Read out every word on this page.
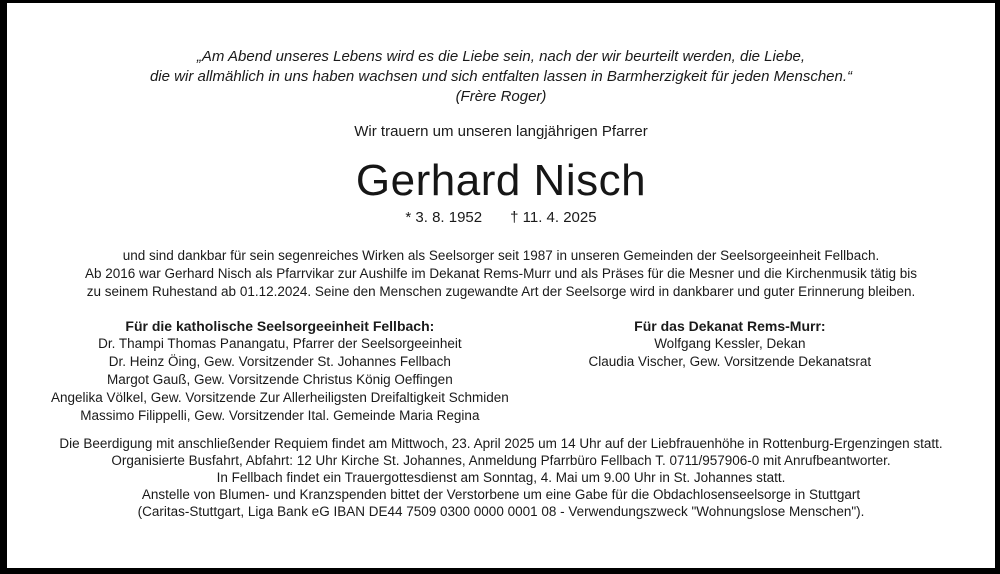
„Am Abend unseres Lebens wird es die Liebe sein, nach der wir beurteilt werden, die Liebe,
die wir allmählich in uns haben wachsen und sich entfalten lassen in Barmherzigkeit für jeden Menschen.“
(Frère Roger)
Wir trauern um unseren langjährigen Pfarrer
Gerhard Nisch
* 3. 8. 1952 † 11. 4. 2025
und sind dankbar für sein segenreiches Wirken als Seelsorger seit 1987 in unseren Gemeinden der Seelsorgeeinheit Fellbach.
Ab 2016 war Gerhard Nisch als Pfarrvikar zur Aushilfe im Dekanat Rems-Murr und als Präses für die Mesner und die Kirchenmusik tätig bis
zu seinem Ruhestand ab 01.12.2024. Seine den Menschen zugewandte Art der Seelsorge wird in dankbarer und guter Erinnerung bleiben.
Für die katholische Seelsorgeeinheit Fellbach:
Dr. Thampi Thomas Panangatu, Pfarrer der Seelsorgeeinheit
Dr. Heinz Öing, Gew. Vorsitzender St. Johannes Fellbach
Margot Gauß, Gew. Vorsitzende Christus König Oeffingen
Angelika Völkel, Gew. Vorsitzende Zur Allerheiligsten Dreifaltigkeit Schmiden
Massimo Filippelli, Gew. Vorsitzender Ital. Gemeinde Maria Regina
Für das Dekanat Rems-Murr:
Wolfgang Kessler, Dekan
Claudia Vischer, Gew. Vorsitzende Dekanatsrat
Die Beerdigung mit anschließender Requiem findet am Mittwoch, 23. April 2025 um 14 Uhr auf der Liebfrauenhöhe in Rottenburg-Ergenzingen statt.
Organisierte Busfahrt, Abfahrt: 12 Uhr Kirche St. Johannes, Anmeldung Pfarrbüro Fellbach T. 0711/957906-0 mit Anrufbeantworter.
In Fellbach findet ein Trauergottesdienst am Sonntag, 4. Mai um 9.00 Uhr in St. Johannes statt.
Anstelle von Blumen- und Kranzspenden bittet der Verstorbene um eine Gabe für die Obdachlosenseelsorge in Stuttgart
(Caritas-Stuttgart, Liga Bank eG IBAN DE44 7509 0300 0000 0001 08 - Verwendungszweck "Wohnungslose Menschen").
